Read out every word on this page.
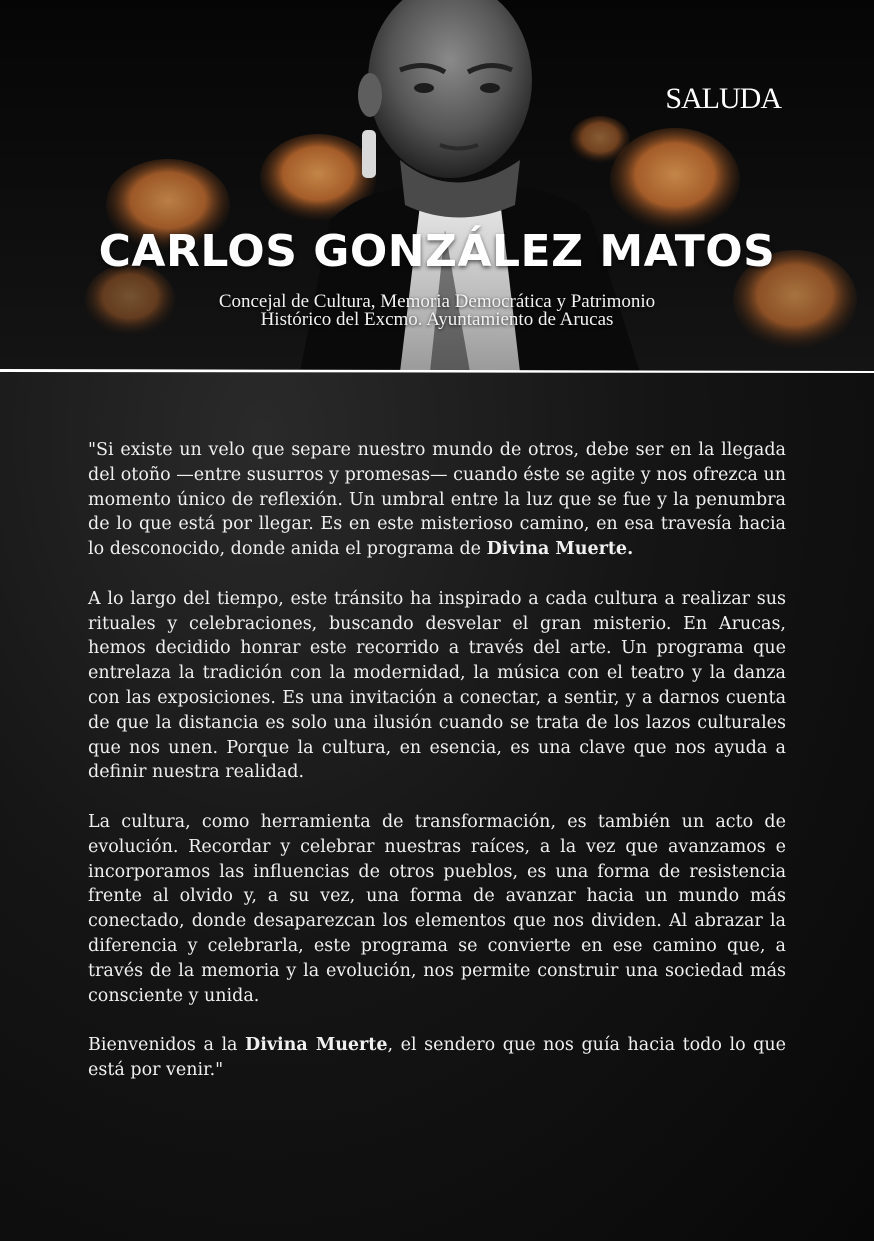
SALUDA
CARLOS GONZÁLEZ MATOS
Concejal de Cultura, Memoria Democrática y Patrimonio
Histórico del Excmo. Ayuntamiento de Arucas

"Si existe un velo que separe nuestro mundo de otros, debe ser en la llegada del otoño —entre susurros y promesas— cuando éste se agite y nos ofrezca un momento único de reflexión. Un umbral entre la luz que se fue y la penumbra de lo que está por llegar. Es en este misterioso camino, en esa travesía hacia lo desconocido, donde anida el programa de Divina Muerte.

A lo largo del tiempo, este tránsito ha inspirado a cada cultura a realizar sus rituales y celebraciones, buscando desvelar el gran misterio. En Arucas, hemos decidido honrar este recorrido a través del arte. Un programa que entrelaza la tradición con la modernidad, la música con el teatro y la danza con las exposiciones. Es una invitación a conectar, a sentir, y a darnos cuenta de que la distancia es solo una ilusión cuando se trata de los lazos culturales que nos unen. Porque la cultura, en esencia, es una clave que nos ayuda a definir nuestra realidad.

La cultura, como herramienta de transformación, es también un acto de evolución. Recordar y celebrar nuestras raíces, a la vez que avanzamos e incorporamos las influencias de otros pueblos, es una forma de resistencia frente al olvido y, a su vez, una forma de avanzar hacia un mundo más conectado, donde desaparezcan los elementos que nos dividen. Al abrazar la diferencia y celebrarla, este programa se convierte en ese camino que, a través de la memoria y la evolución, nos permite construir una sociedad más consciente y unida.

Bienvenidos a la Divina Muerte, el sendero que nos guía hacia todo lo que está por venir."
